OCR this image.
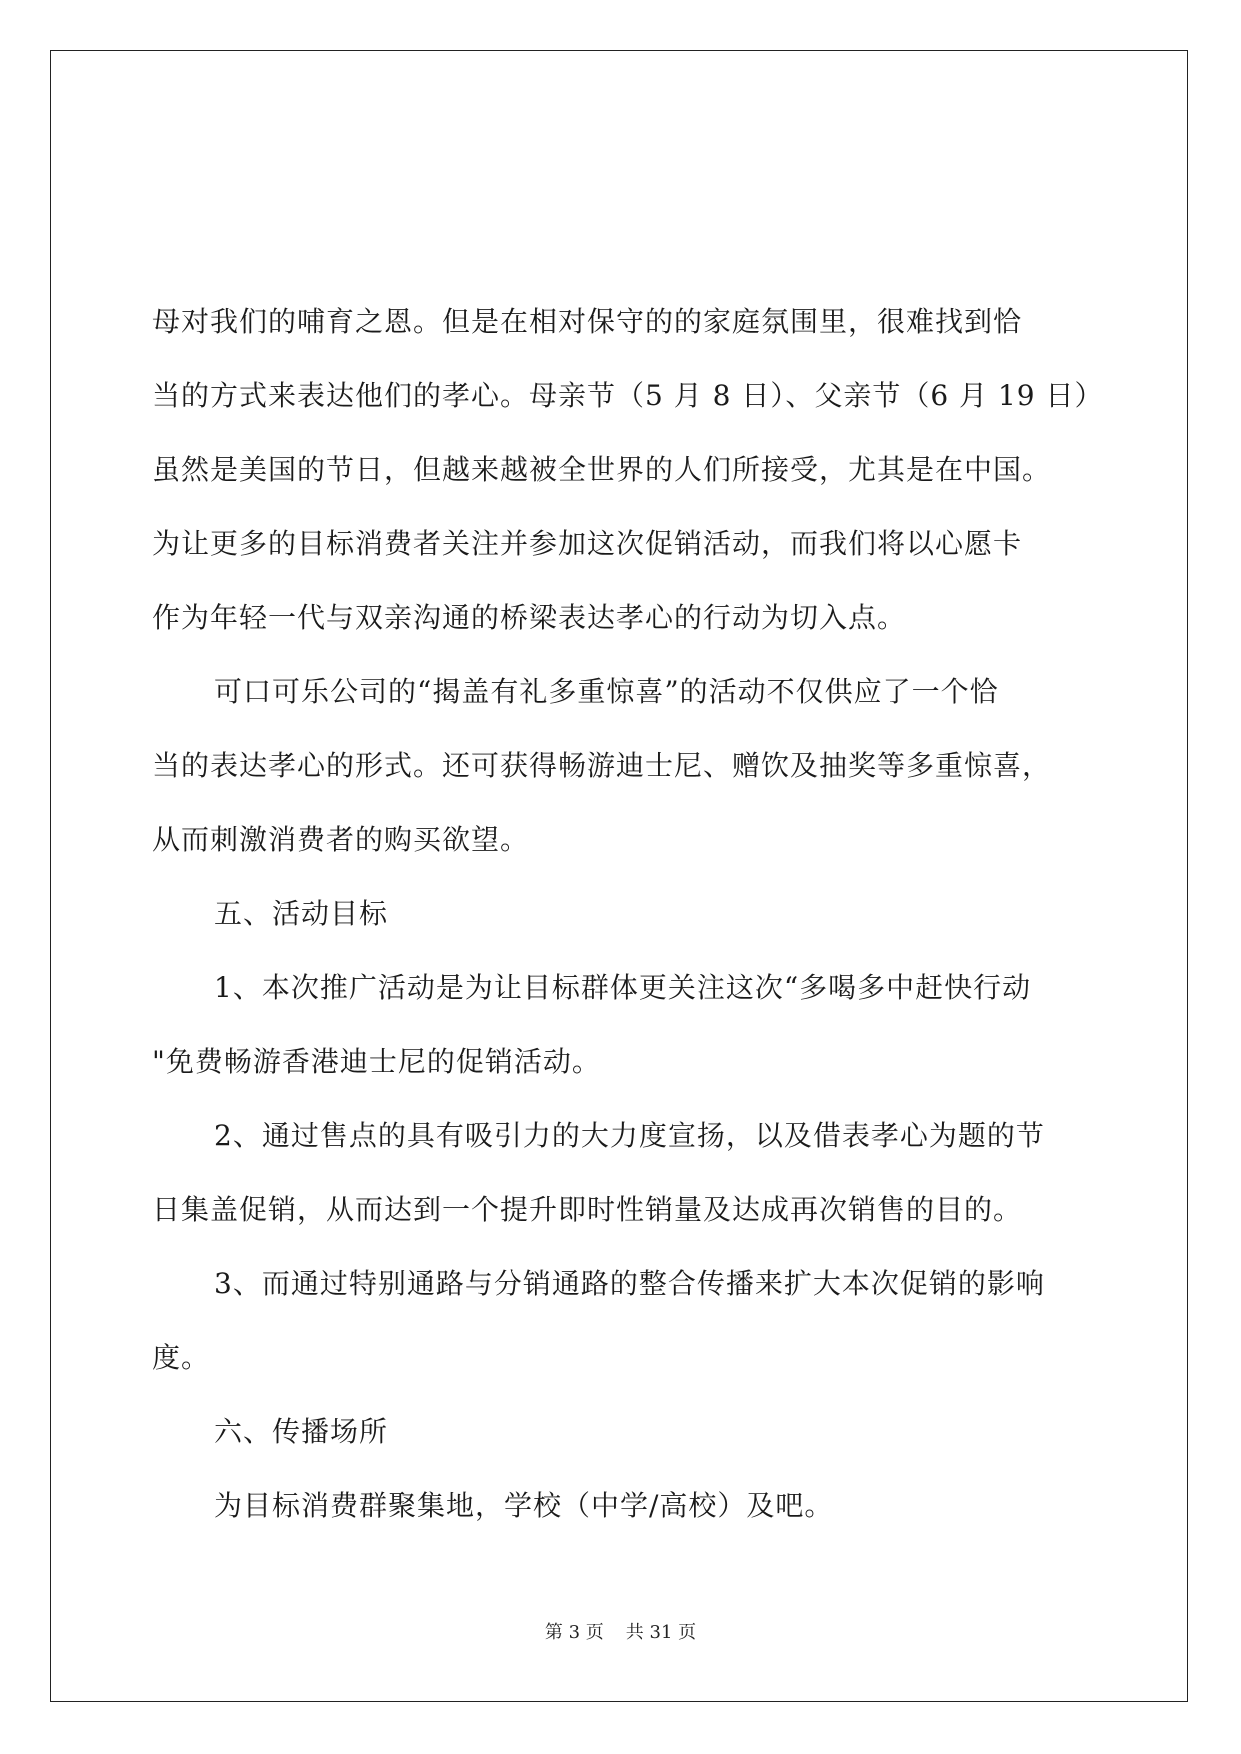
母对我们的哺育之恩。但是在相对保守的的家庭氛围里，很难找到恰
当的方式来表达他们的孝心。母亲节（5 月 8 日）、父亲节（6 月 19 日）
虽然是美国的节日，但越来越被全世界的人们所接受，尤其是在中国。
为让更多的目标消费者关注并参加这次促销活动，而我们将以心愿卡
作为年轻一代与双亲沟通的桥梁表达孝心的行动为切入点。
可口可乐公司的“揭盖有礼多重惊喜”的活动不仅供应了一个恰
当的表达孝心的形式。还可获得畅游迪士尼、赠饮及抽奖等多重惊喜，
从而刺激消费者的购买欲望。
五、活动目标
1、本次推广活动是为让目标群体更关注这次“多喝多中赶快行动
"免费畅游香港迪士尼的促销活动。
2、通过售点的具有吸引力的大力度宣扬，以及借表孝心为题的节
日集盖促销，从而达到一个提升即时性销量及达成再次销售的目的。
3、而通过特别通路与分销通路的整合传播来扩大本次促销的影响
度。
六、传播场所
为目标消费群聚集地，学校（中学/高校）及吧。
第 3 页 共 31 页
